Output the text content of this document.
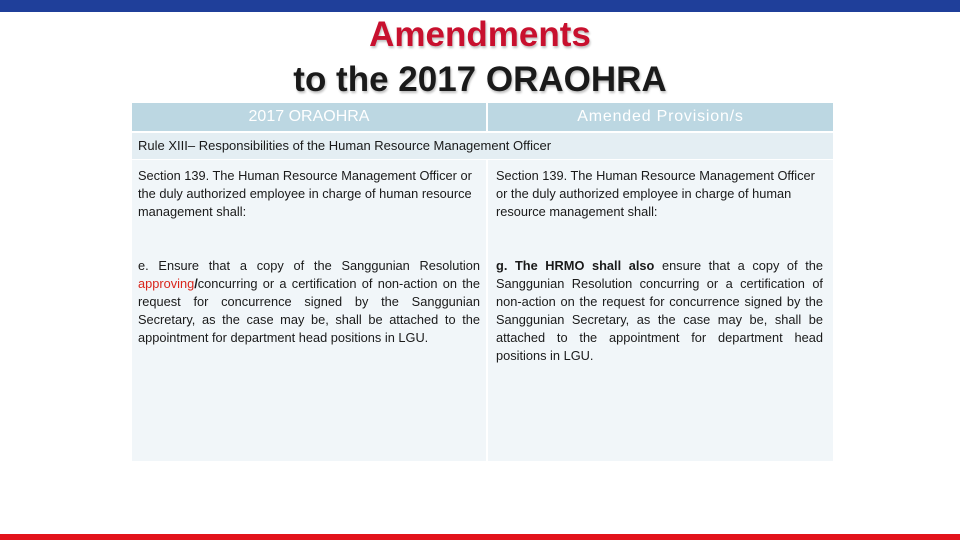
Amendments
to the 2017 ORAOHRA
2017 ORAOHRA	Amended Provision/s
Rule XIII– Responsibilities of the Human Resource Management Officer
Section 139. The Human Resource Management Officer or the duly authorized employee in charge of human resource management shall:
e. Ensure that a copy of the Sanggunian Resolution approving/concurring or a certification of non-action on the request for concurrence signed by the Sanggunian Secretary, as the case may be, shall be attached to the appointment for department head positions in LGU.
Section 139. The Human Resource Management Officer or the duly authorized employee in charge of human resource management shall:
g. The HRMO shall also ensure that a copy of the Sanggunian Resolution concurring or a certification of non-action on the request for concurrence signed by the Sanggunian Secretary, as the case may be, shall be attached to the appointment for department head positions in LGU.
